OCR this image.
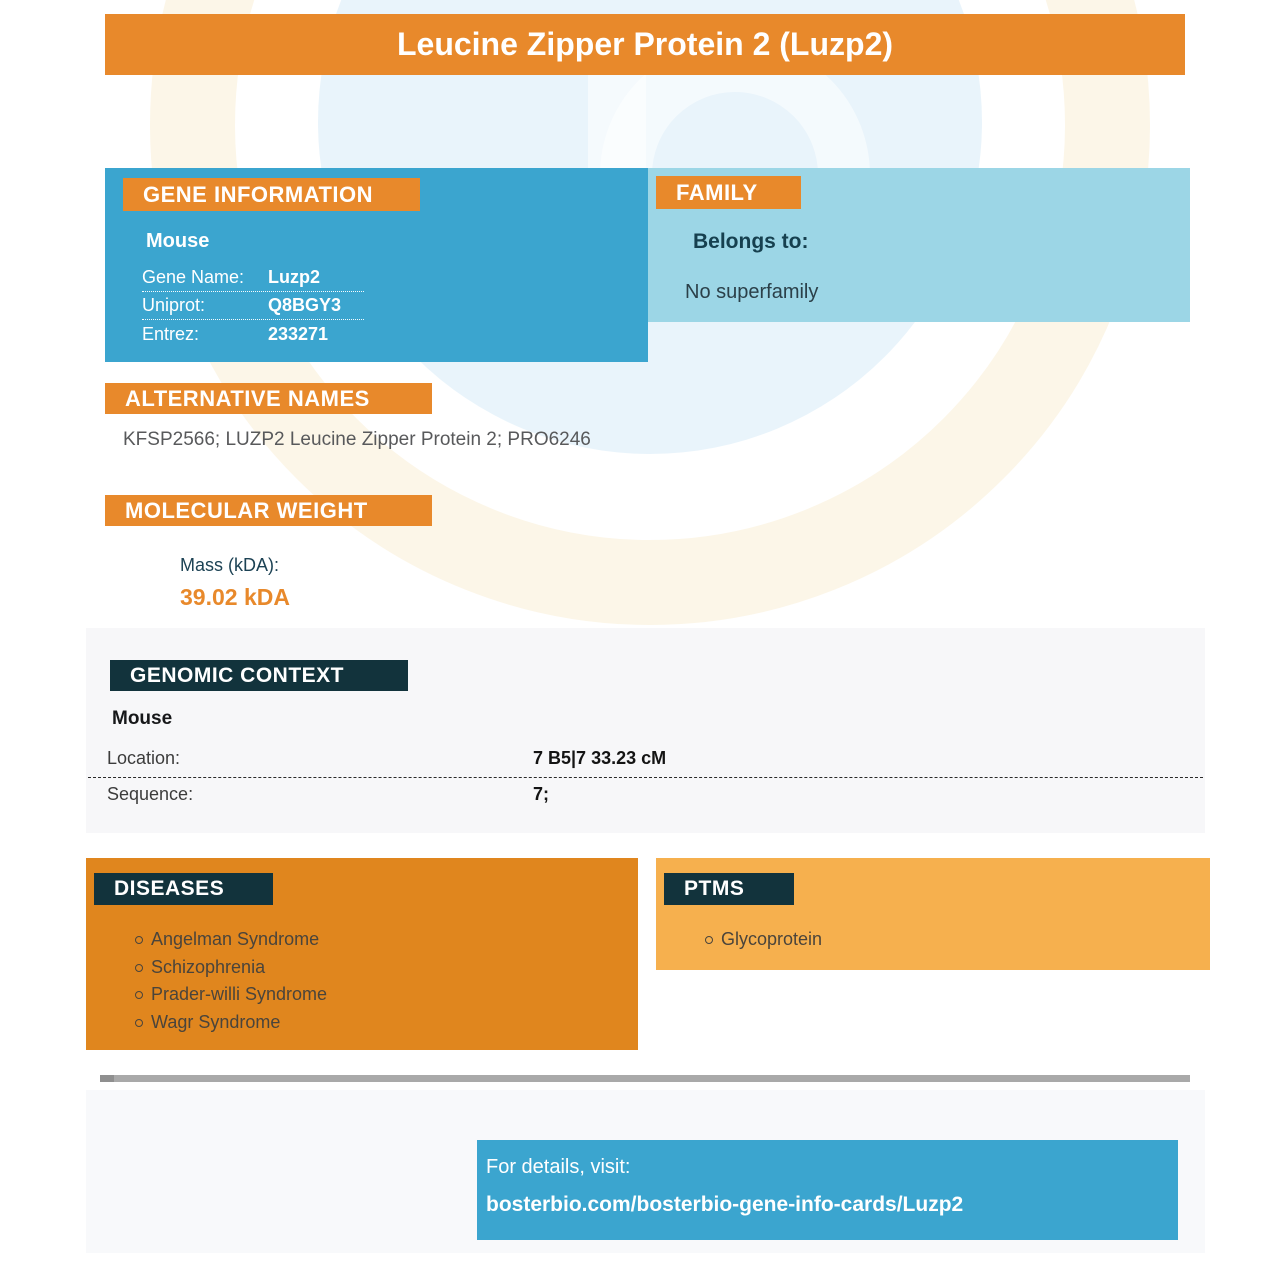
Leucine Zipper Protein 2 (Luzp2)
GENE INFORMATION
Mouse
Gene Name:	Luzp2
Uniprot:	Q8BGY3
Entrez:	233271
FAMILY
Belongs to:
No superfamily
ALTERNATIVE NAMES
KFSP2566; LUZP2 Leucine Zipper Protein 2; PRO6246
MOLECULAR WEIGHT
Mass (kDA):
39.02 kDA
GENOMIC CONTEXT
Mouse
Location:	7 B5|7 33.23 cM
Sequence:	7;
DISEASES
Angelman Syndrome
Schizophrenia
Prader-willi Syndrome
Wagr Syndrome
PTMS
Glycoprotein
For details, visit:
bosterbio.com/bosterbio-gene-info-cards/Luzp2
